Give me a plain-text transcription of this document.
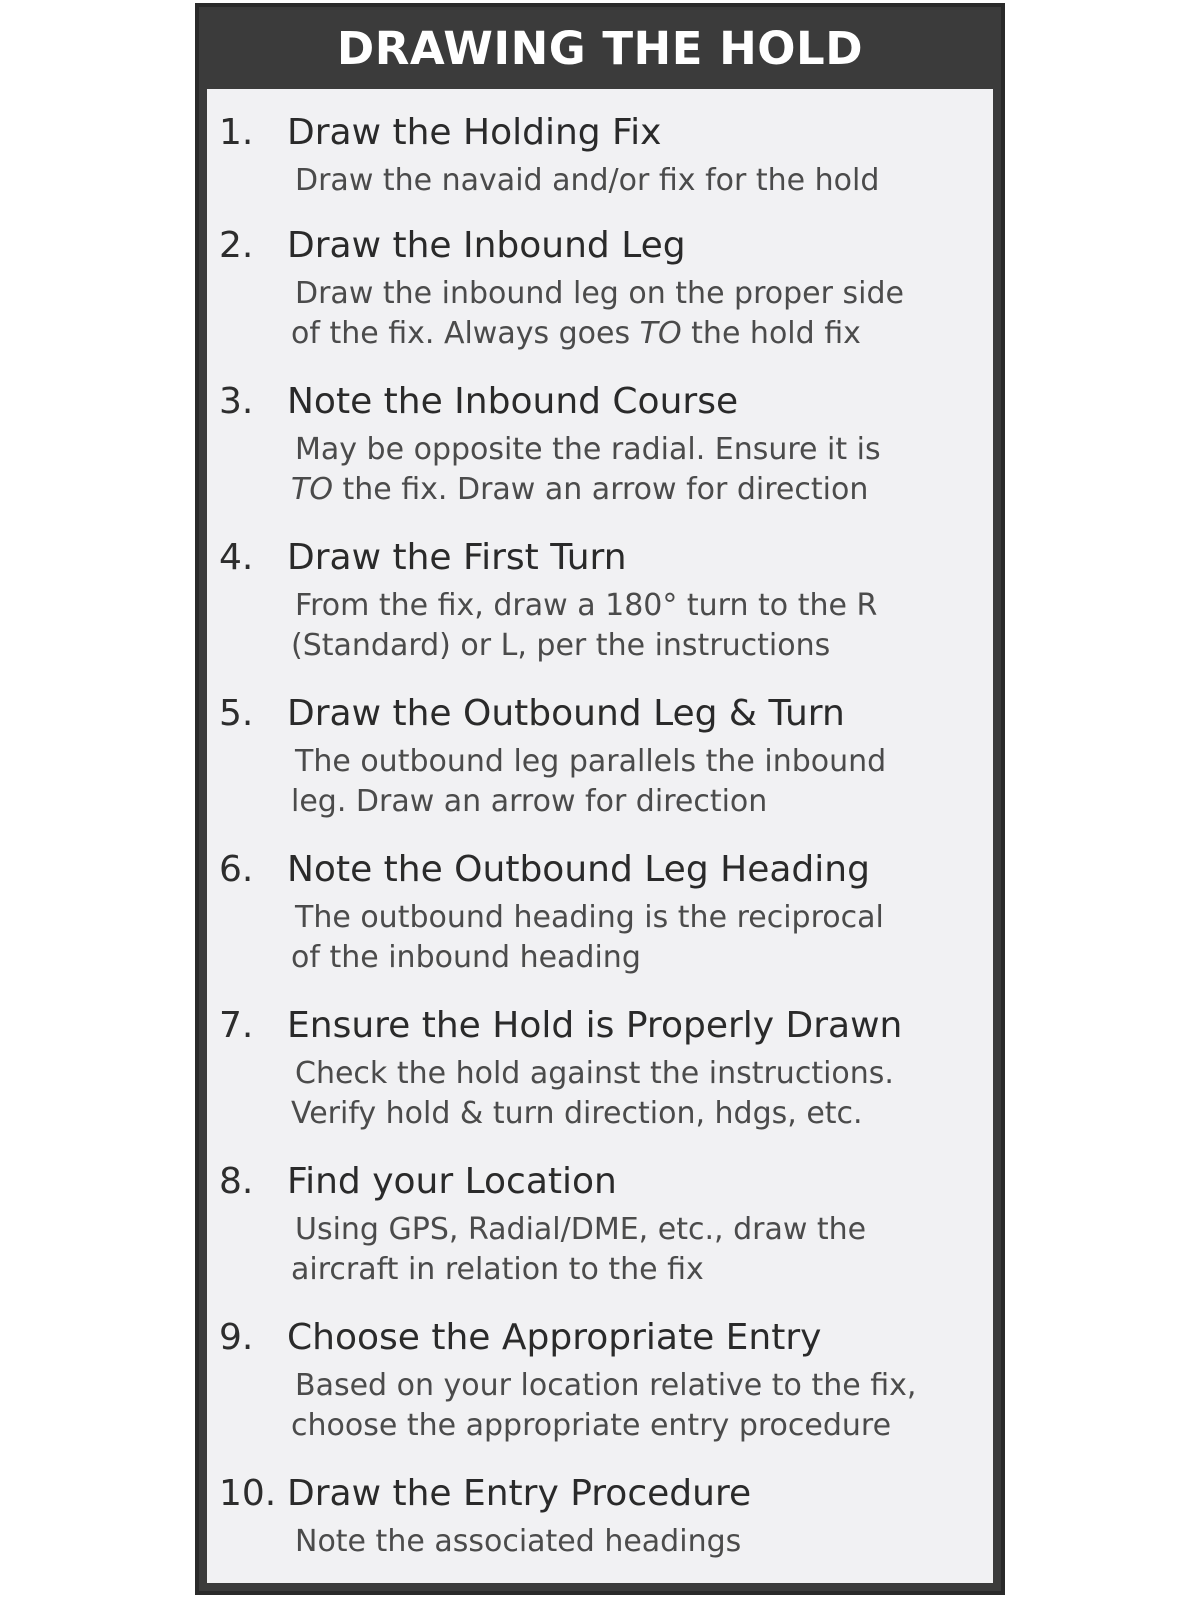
DRAWING THE HOLD
1. Draw the Holding Fix
Draw the navaid and/or fix for the hold
2. Draw the Inbound Leg
Draw the inbound leg on the proper side
of the fix. Always goes TO the hold fix
3. Note the Inbound Course
May be opposite the radial. Ensure it is
TO the fix. Draw an arrow for direction
4. Draw the First Turn
From the fix, draw a 180° turn to the R
(Standard) or L, per the instructions
5. Draw the Outbound Leg & Turn
The outbound leg parallels the inbound
leg. Draw an arrow for direction
6. Note the Outbound Leg Heading
The outbound heading is the reciprocal
of the inbound heading
7. Ensure the Hold is Properly Drawn
Check the hold against the instructions.
Verify hold & turn direction, hdgs, etc.
8. Find your Location
Using GPS, Radial/DME, etc., draw the
aircraft in relation to the fix
9. Choose the Appropriate Entry
Based on your location relative to the fix,
choose the appropriate entry procedure
10. Draw the Entry Procedure
Note the associated headings
